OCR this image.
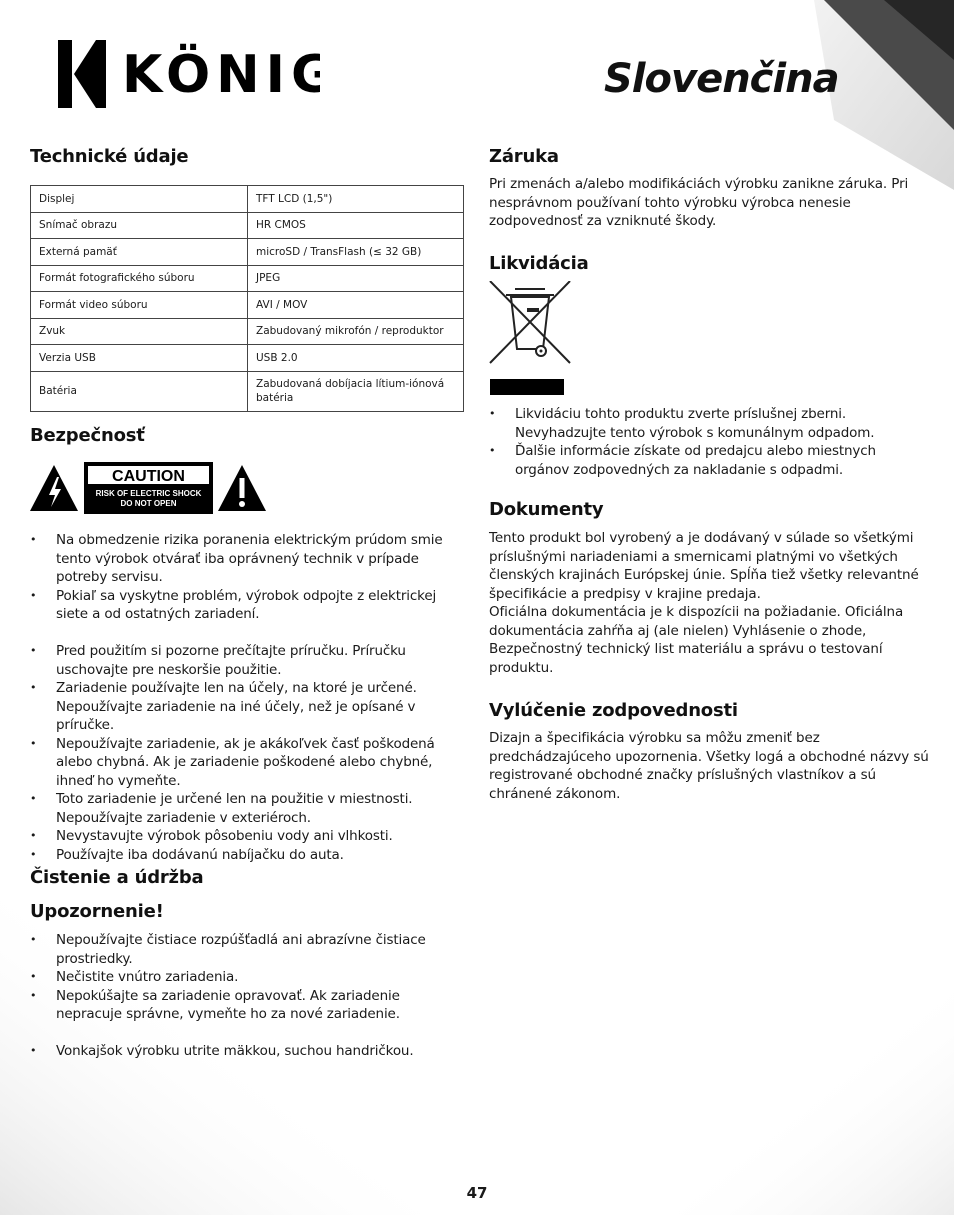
KÖNIG	Slovenčina
Technické údaje
Displej	TFT LCD (1,5")
Snímač obrazu	HR CMOS
Externá pamäť	microSD / TransFlash (≤ 32 GB)
Formát fotografického súboru	JPEG
Formát video súboru	AVI / MOV
Zvuk	Zabudovaný mikrofón / reproduktor
Verzia USB	USB 2.0
Batéria	Zabudovaná dobíjacia lítium-iónová batéria
Bezpečnosť
CAUTION
RISK OF ELECTRIC SHOCK
DO NOT OPEN
• Na obmedzenie rizika poranenia elektrickým prúdom smie tento výrobok otvárať iba oprávnený technik v prípade potreby servisu.
• Pokiaľ sa vyskytne problém, výrobok odpojte z elektrickej siete a od ostatných zariadení.
• Pred použitím si pozorne prečítajte príručku. Príručku uschovajte pre neskoršie použitie.
• Zariadenie používajte len na účely, na ktoré je určené. Nepoužívajte zariadenie na iné účely, než je opísané v príručke.
• Nepoužívajte zariadenie, ak je akákoľvek časť poškodená alebo chybná. Ak je zariadenie poškodené alebo chybné, ihneď ho vymeňte.
• Toto zariadenie je určené len na použitie v miestnosti. Nepoužívajte zariadenie v exteriéroch.
• Nevystavujte výrobok pôsobeniu vody ani vlhkosti.
• Používajte iba dodávanú nabíjačku do auta.
Čistenie a údržba
Upozornenie!
• Nepoužívajte čistiace rozpúšťadlá ani abrazívne čistiace prostriedky.
• Nečistite vnútro zariadenia.
• Nepokúšajte sa zariadenie opravovať. Ak zariadenie nepracuje správne, vymeňte ho za nové zariadenie.
• Vonkajšok výrobku utrite mäkkou, suchou handričkou.
Záruka

Pri zmenách a/alebo modifikáciách výrobku zanikne záruka. Pri nesprávnom používaní tohto výrobku výrobca nenesie zodpovednosť za vzniknuté škody.

Likvidácia
• Likvidáciu tohto produktu zverte príslušnej zberni. Nevyhadzujte tento výrobok s komunálnym odpadom.
• Ďalšie informácie získate od predajcu alebo miestnych orgánov zodpovedných za nakladanie s odpadmi.
Dokumenty

Tento produkt bol vyrobený a je dodávaný v súlade so všetkými príslušnými nariadeniami a smernicami platnými vo všetkých členských krajinách Európskej únie. Spĺňa tiež všetky relevantné špecifikácie a predpisy v krajine predaja.

Oficiálna dokumentácia je k dispozícii na požiadanie. Oficiálna dokumentácia zahŕňa aj (ale nielen) Vyhlásenie o zhode, Bezpečnostný technický list materiálu a správu o testovaní produktu.

Vylúčenie zodpovednosti

Dizajn a špecifikácia výrobku sa môžu zmeniť bez predchádzajúceho upozornenia. Všetky logá a obchodné názvy sú registrované obchodné značky príslušných vlastníkov a sú chránené zákonom.

47
